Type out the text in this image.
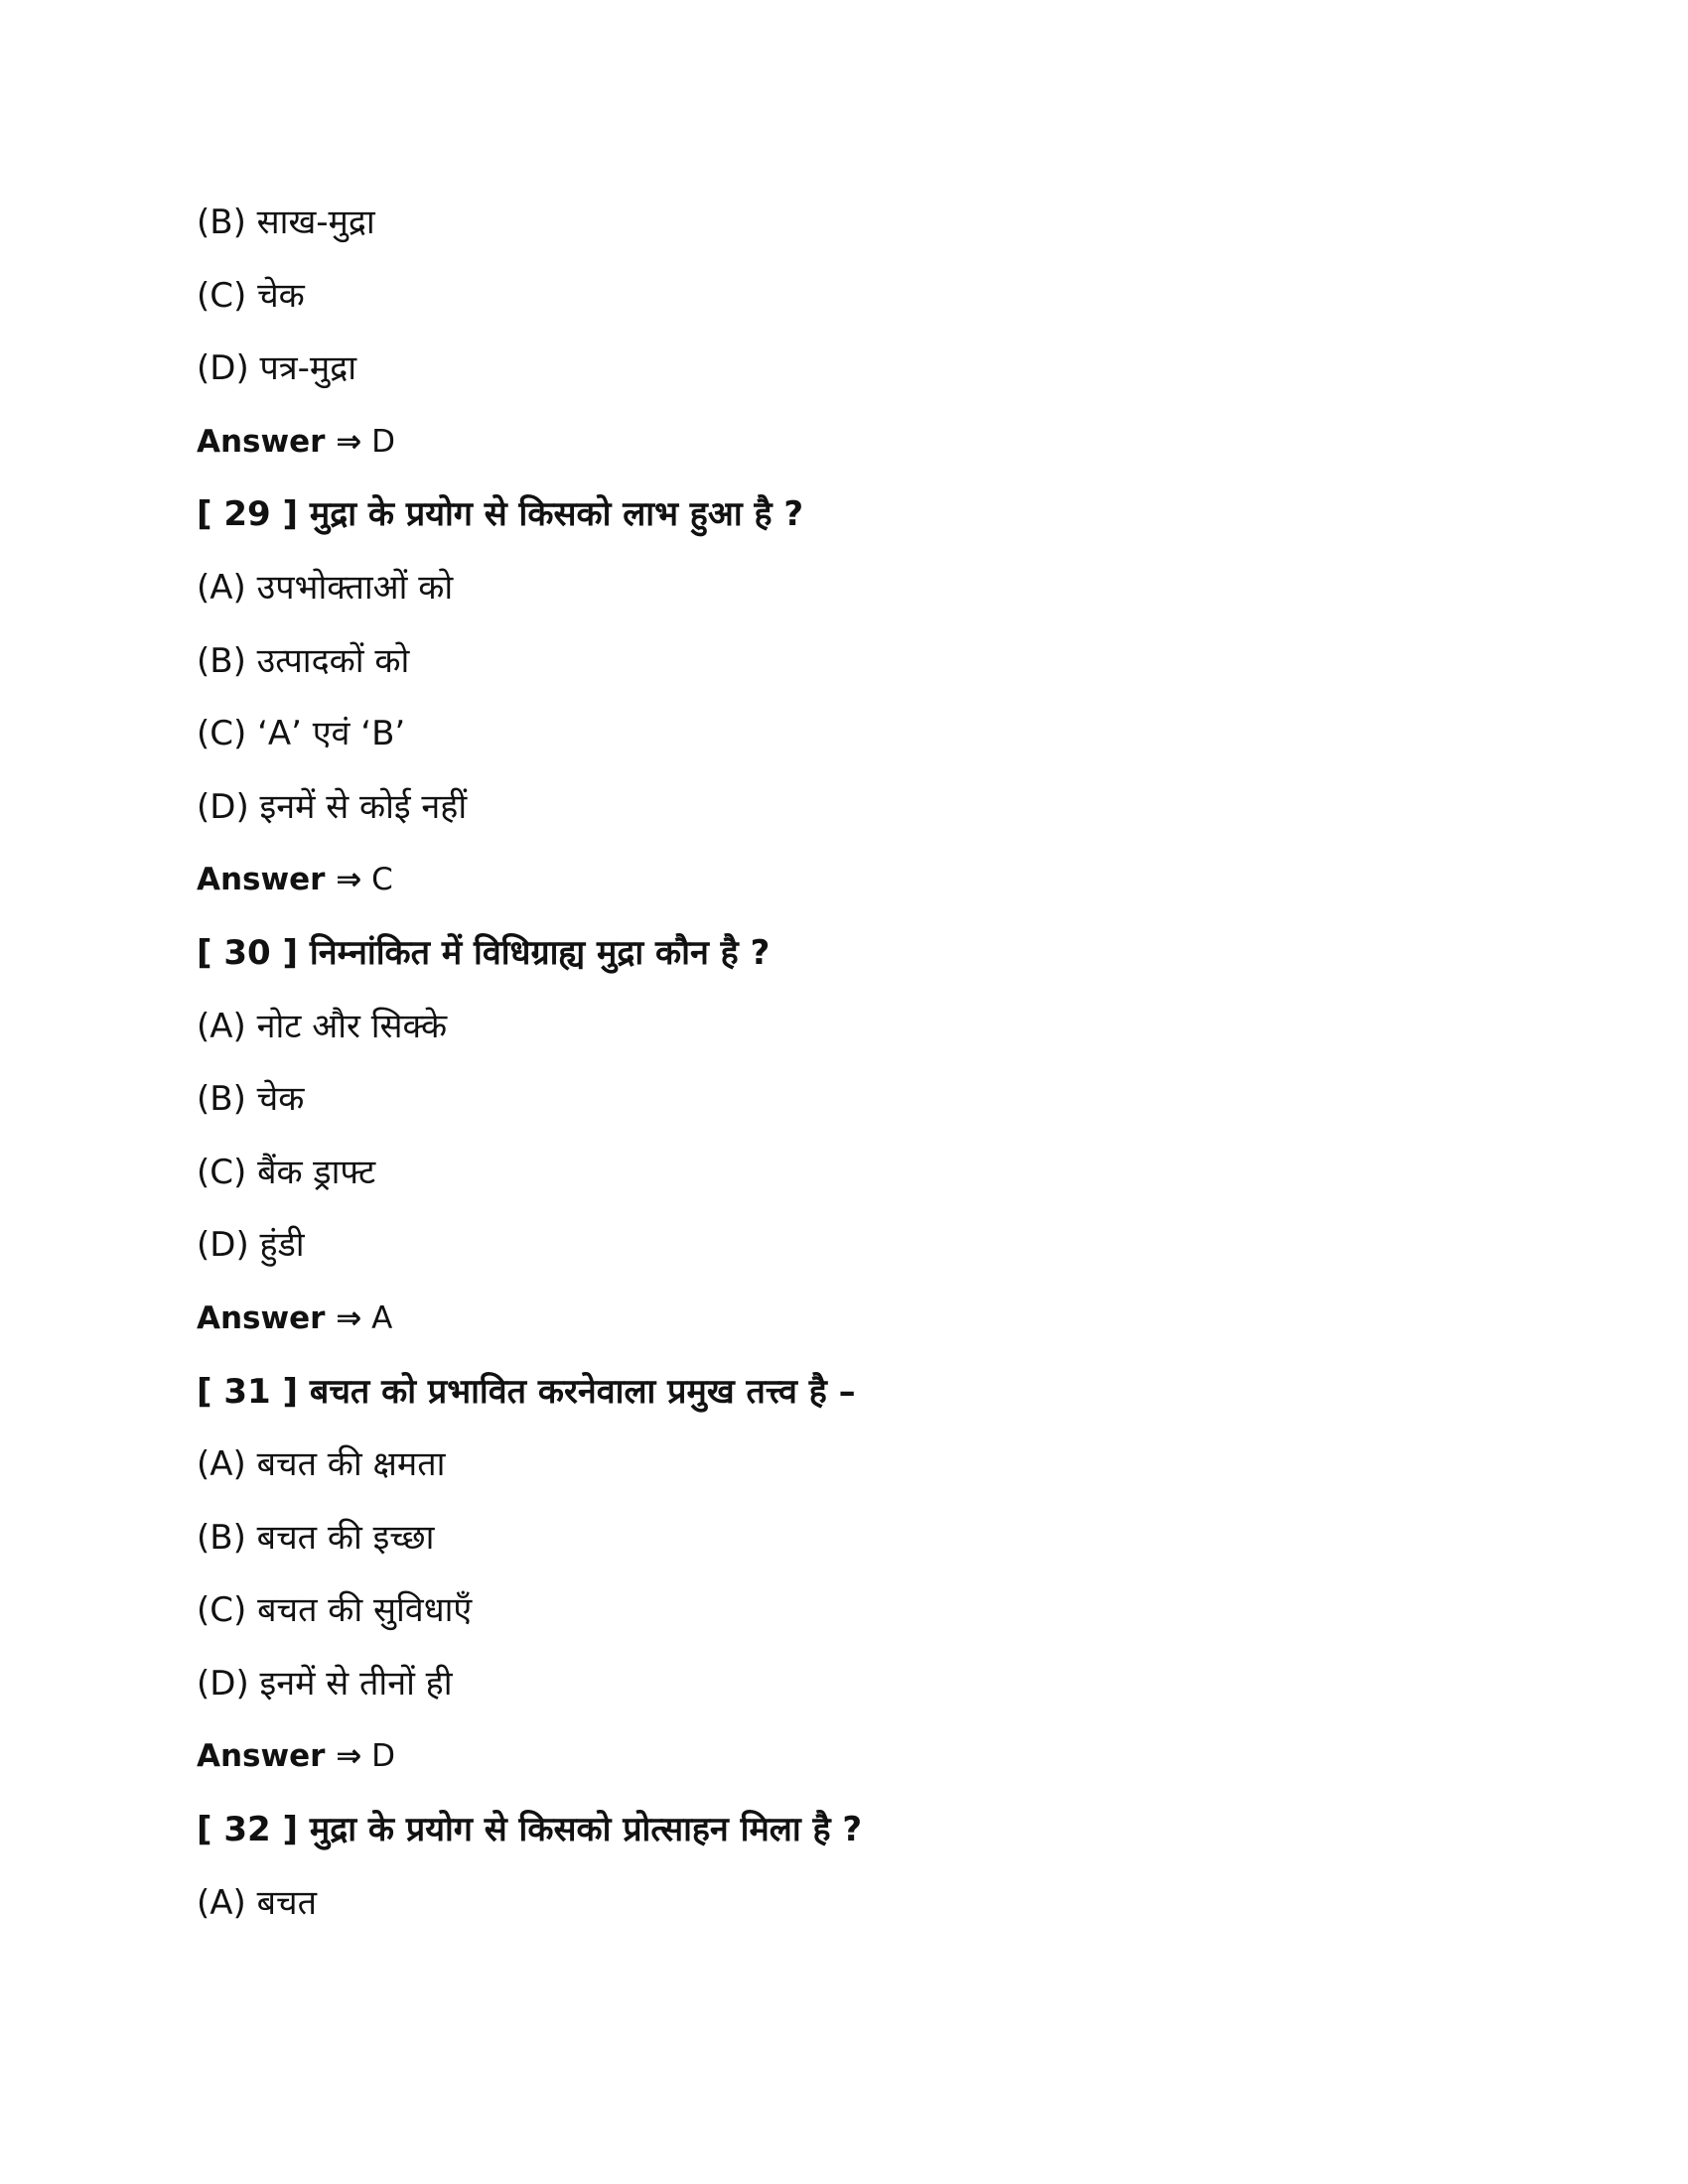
(B) साख-मुद्रा
(C) चेक
(D) पत्र-मुद्रा
Answer ⇒ D
[ 29 ] मुद्रा के प्रयोग से किसको लाभ हुआ है ?
(A) उपभोक्ताओं को
(B) उत्पादकों को
(C) ‘A’ एवं ‘B’
(D) इनमें से कोई नहीं
Answer ⇒ C
[ 30 ] निम्नांकित में विधिग्राह्य मुद्रा कौन है ?
(A) नोट और सिक्के
(B) चेक
(C) बैंक ड्राफ्ट
(D) हुंडी
Answer ⇒ A
[ 31 ] बचत को प्रभावित करनेवाला प्रमुख तत्त्व है –
(A) बचत की क्षमता
(B) बचत की इच्छा
(C) बचत की सुविधाएँ
(D) इनमें से तीनों ही
Answer ⇒ D
[ 32 ] मुद्रा के प्रयोग से किसको प्रोत्साहन मिला है ?
(A) बचत
